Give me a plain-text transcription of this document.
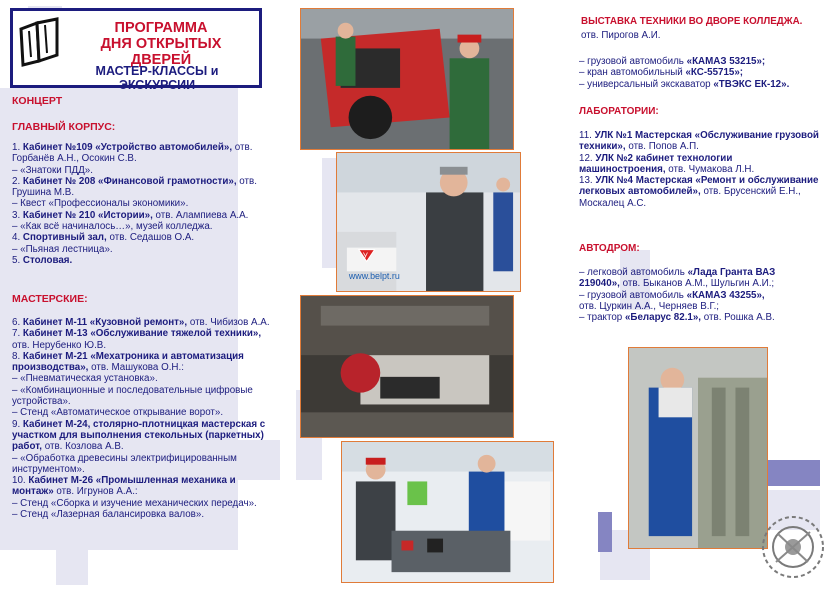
ПРОГРАММА
ДНЯ ОТКРЫТЫХ ДВЕРЕЙ
МАСТЕР-КЛАССЫ и ЭКСКУРСИИ
КОНЦЕРТ
ГЛАВНЫЙ КОРПУС:
1. Кабинет №109 «Устройство автомобилей», отв.
Горбанёв А.Н., Осокин С.В.
– «Знатоки ПДД».
2. Кабинет № 208 «Финансовой грамотности», отв.
Грушина М.В.
– Квест «Профессионалы экономики».
3. Кабинет № 210 «Истории», отв. Алампиева А.А.
– «Как всё начиналось…», музей колледжа.
4. Спортивный зал, отв. Седашов О.А.
– «Пьяная лестница».
5. Столовая.
МАСТЕРСКИЕ:
6. Кабинет М-11 «Кузовной ремонт», отв. Чибизов А.А.
7. Кабинет М-13 «Обслуживание тяжелой техники»,
отв. Нерубенко Ю.В.
8. Кабинет М-21 «Мехатроника и автоматизация
производства», отв. Машукова О.Н.:
– «Пневматическая установка».
– «Комбинационные и последовательные цифровые
устройства».
– Стенд «Автоматическое открывание ворот».
9. Кабинет М-24, столярно-плотницкая мастерская с
участком для выполнения стекольных (паркетных)
работ, отв. Козлова А.В.
– «Обработка древесины электрифицированным
инструментом».
10. Кабинет М-26 «Промышленная механика и
монтаж» отв. Игрунов А.А.:
– Стенд «Сборка и изучение механических передач».
– Стенд «Лазерная балансировка валов».
www.belpt.ru
У
ВЫСТАВКА ТЕХНИКИ ВО ДВОРЕ КОЛЛЕДЖА.
отв. Пирогов А.И.
– грузовой автомобиль «КАМАЗ 53215»;
– кран автомобильный «КС-55715»;
– универсальный экскаватор «ТВЭКС ЕК-12».
ЛАБОРАТОРИИ:
11. УЛК №1 Мастерская «Обслуживание грузовой
техники», отв. Попов А.П.
12. УЛК №2 кабинет технологии
машиностроения, отв. Чумакова Л.Н.
13. УЛК №4 Мастерская «Ремонт и обслуживание
легковых автомобилей», отв. Брусенский Е.Н.,
Москалец А.С.
АВТОДРОМ:
– легковой автомобиль «Лада Гранта ВАЗ
219040», отв. Быканов А.М., Шульгин А.И.;
– грузовой автомобиль «КАМАЗ 43255»,
отв. Цуркин А.А., Черняев В.Г.;
– трактор «Беларус 82.1», отв. Рошка А.В.
